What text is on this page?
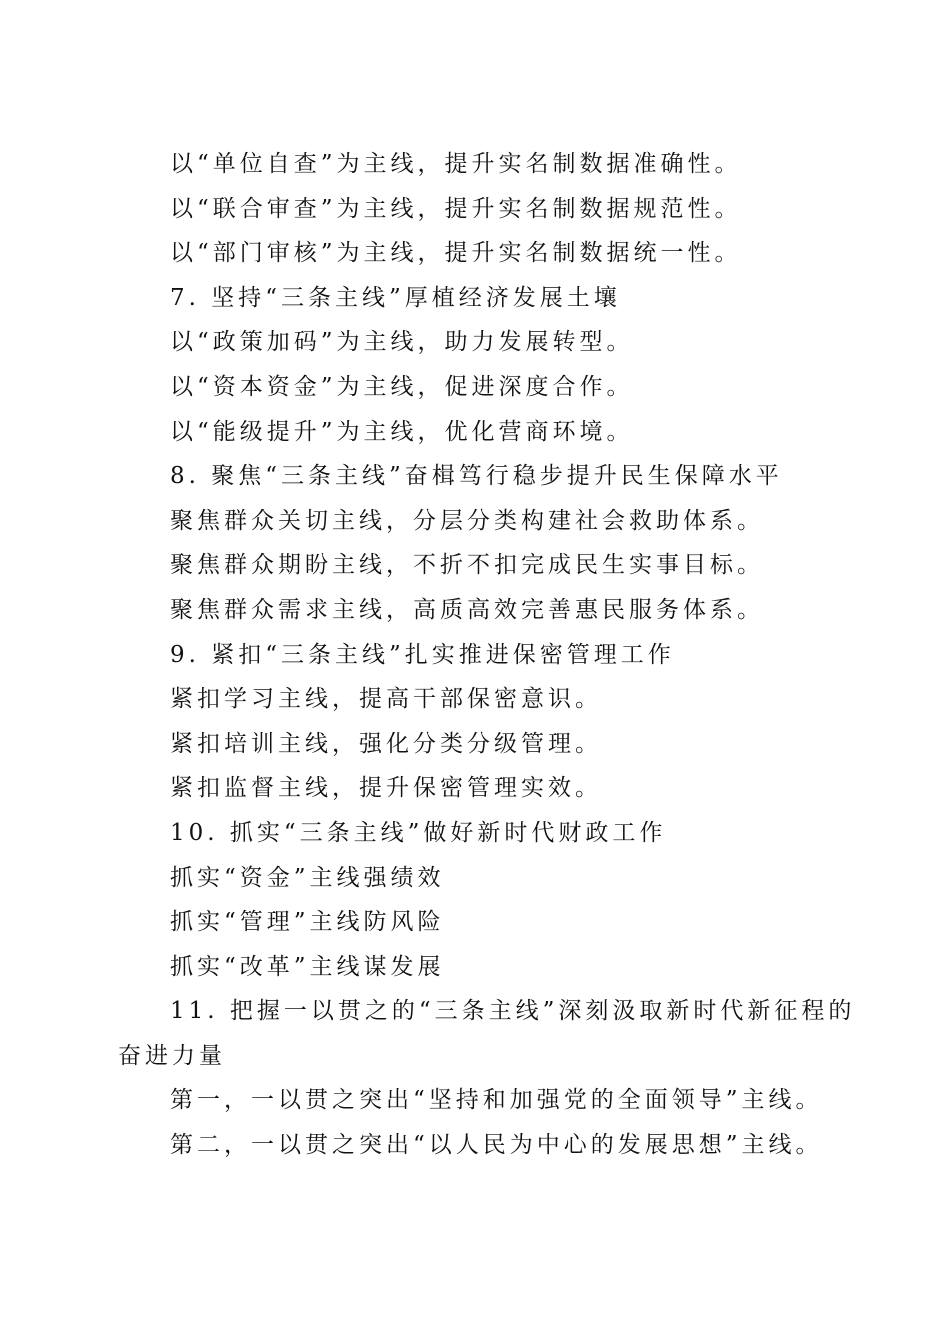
以“单位自查”为主线，提升实名制数据准确性。
以“联合审查”为主线，提升实名制数据规范性。
以“部门审核”为主线，提升实名制数据统一性。
7. 坚持“三条主线”厚植经济发展土壤
以“政策加码”为主线，助力发展转型。
以“资本资金”为主线，促进深度合作。
以“能级提升”为主线，优化营商环境。
8. 聚焦“三条主线”奋楫笃行稳步提升民生保障水平
聚焦群众关切主线，分层分类构建社会救助体系。
聚焦群众期盼主线，不折不扣完成民生实事目标。
聚焦群众需求主线，高质高效完善惠民服务体系。
9. 紧扣“三条主线”扎实推进保密管理工作
紧扣学习主线，提高干部保密意识。
紧扣培训主线，强化分类分级管理。
紧扣监督主线，提升保密管理实效。
10. 抓实“三条主线”做好新时代财政工作
抓实“资金”主线强绩效
抓实“管理”主线防风险
抓实“改革”主线谋发展
11. 把握一以贯之的“三条主线”深刻汲取新时代新征程的
奋进力量
第一，一以贯之突出“坚持和加强党的全面领导”主线。
第二，一以贯之突出“以人民为中心的发展思想”主线。
